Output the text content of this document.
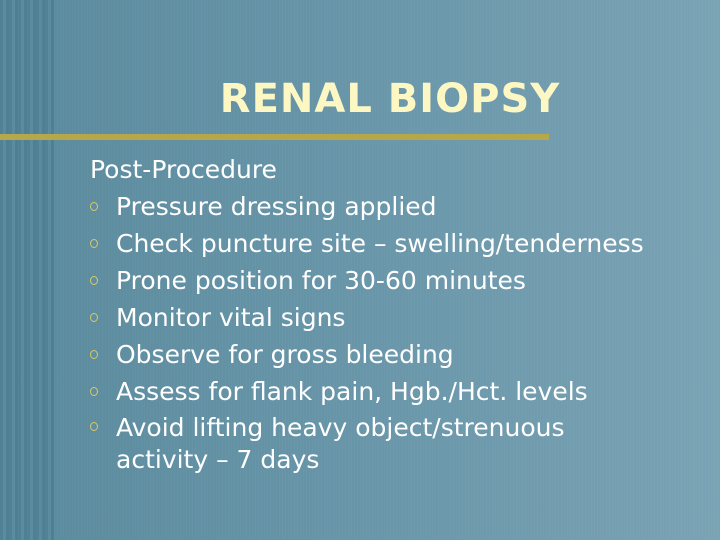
RENAL BIOPSY
Post-Procedure
Pressure dressing applied
Check puncture site – swelling/tenderness
Prone position for 30-60 minutes
Monitor vital signs
Observe for gross bleeding
Assess for flank pain, Hgb./Hct. levels
Avoid lifting heavy object/strenuous activity – 7 days
